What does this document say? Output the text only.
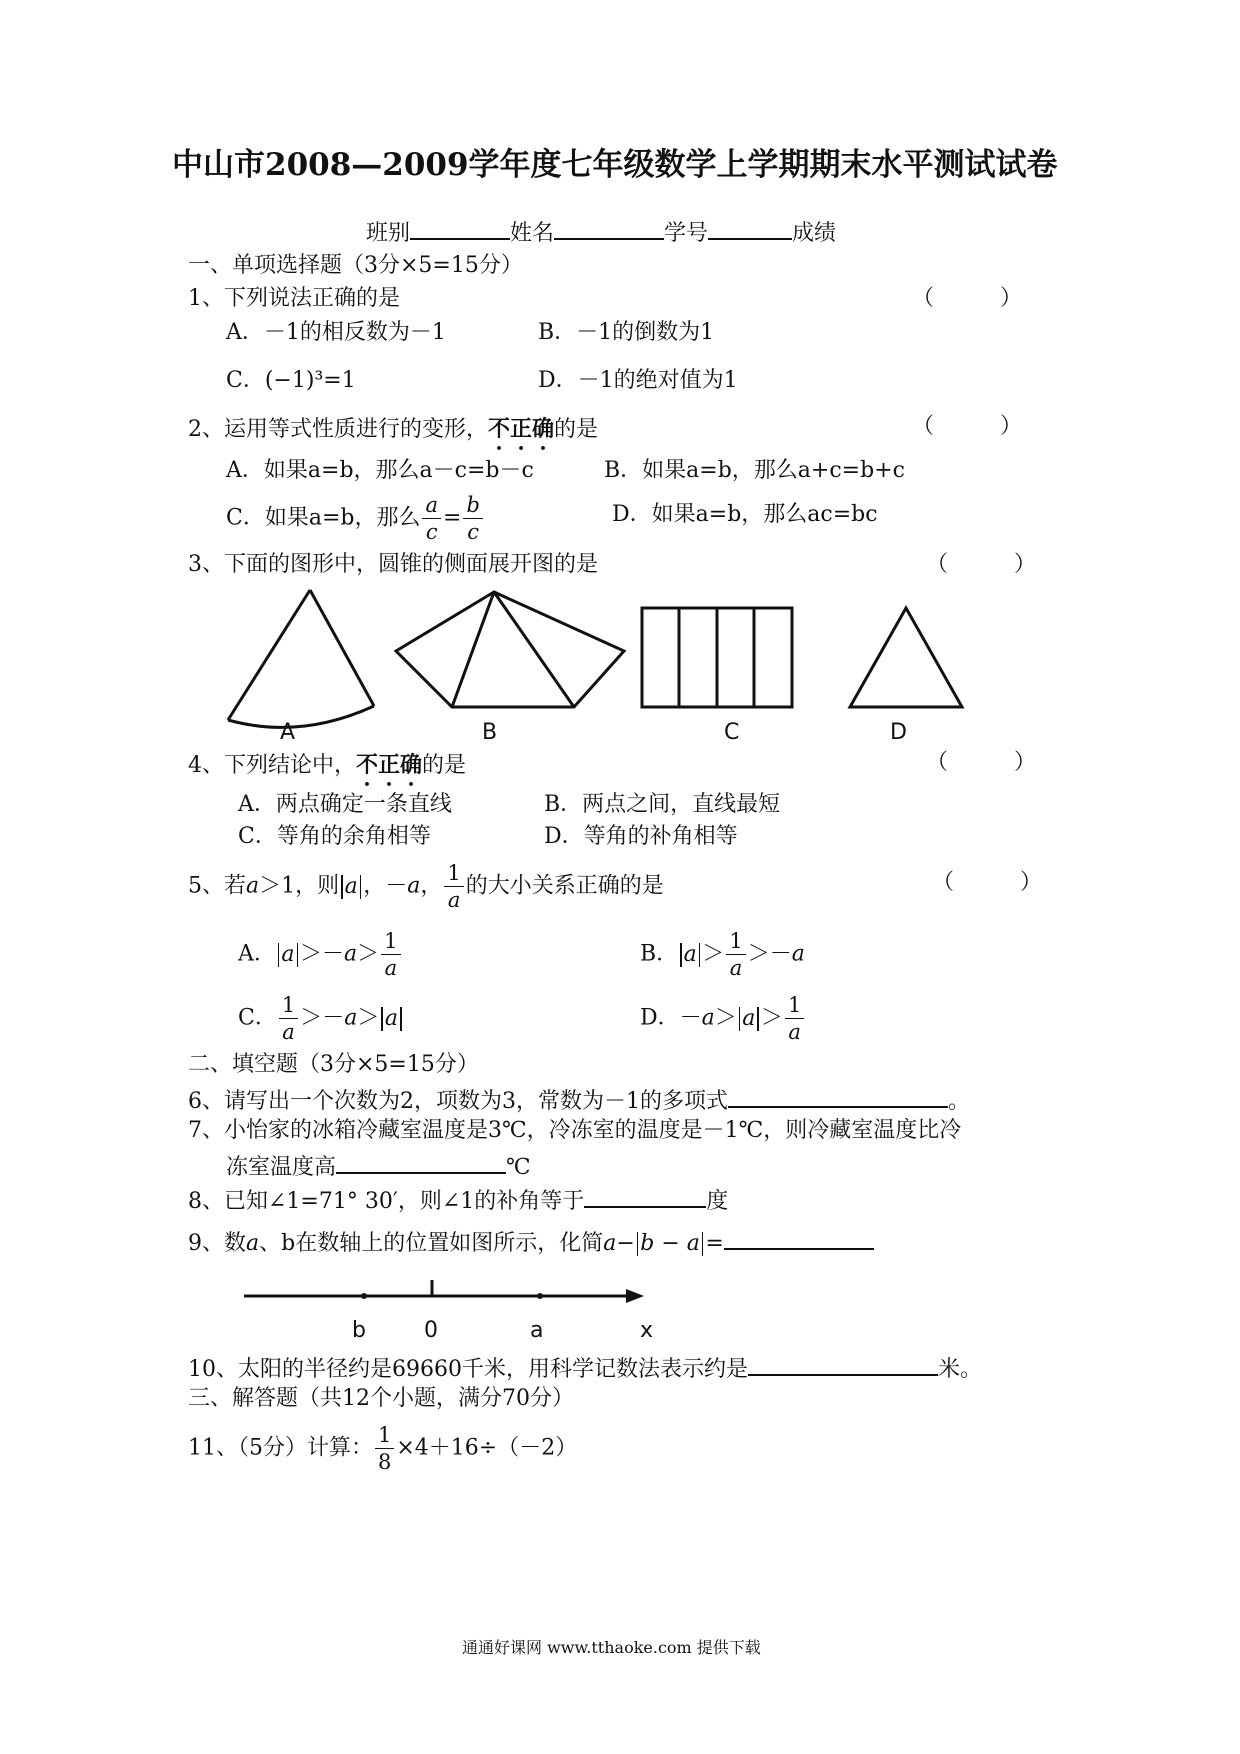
中山市2008—2009学年度七年级数学上学期期末水平测试试卷
班别	姓名	学号	成绩
一、单项选择题（3分×5=15分）
1、下列说法正确的是	（　　　）
A．－1的相反数为－1	B．－1的倒数为1
C．(−1)³=1	D．－1的绝对值为1
2、运用等式性质进行的变形，不正确的是	（　　　）
A．如果a=b，那么a－c=b－c	B．如果a=b，那么a+c=b+c
C．如果a=b，那么 $\frac{a}{c} = \frac{b}{c}$	D．如果a=b，那么ac=bc
3、下面的图形中，圆锥的侧面展开图的是	（　　　）
A	B	C	D
4、下列结论中，不正确的是	（　　　）
A．两点确定一条直线	B．两点之间，直线最短
C．等角的余角相等	D．等角的补角相等
5、若a＞1，则 a ，－a， $\frac{1}{a}$ 的大小关系正确的是	（　　　）
A． $a >-a> \frac{1}{a}$	B． $a > \frac{1}{a} >-a$
C． $\frac{1}{a} >-a> a$	D．$-a> a > \frac{1}{a}$
二、填空题（3分×5=15分）
6、请写出一个次数为2，项数为3，常数为－1的多项式	。
7、小怡家的冰箱冷藏室温度是3℃，冷冻室的温度是－1℃，则冷藏室温度比冷
冻室温度高	℃
8、已知∠1=71° 30′，则∠1的补角等于	度
9、数a、b在数轴上的位置如图所示，化简a− b − a =
b	0	a	x
10、太阳的半径约是69660千米，用科学记数法表示约是	米。
三、解答题（共12个小题，满分70分）
11、（5分）计算： $\frac{1}{8} \times 4+16\div(-2)$
通通好课网 www.tthaoke.com 提供下载
